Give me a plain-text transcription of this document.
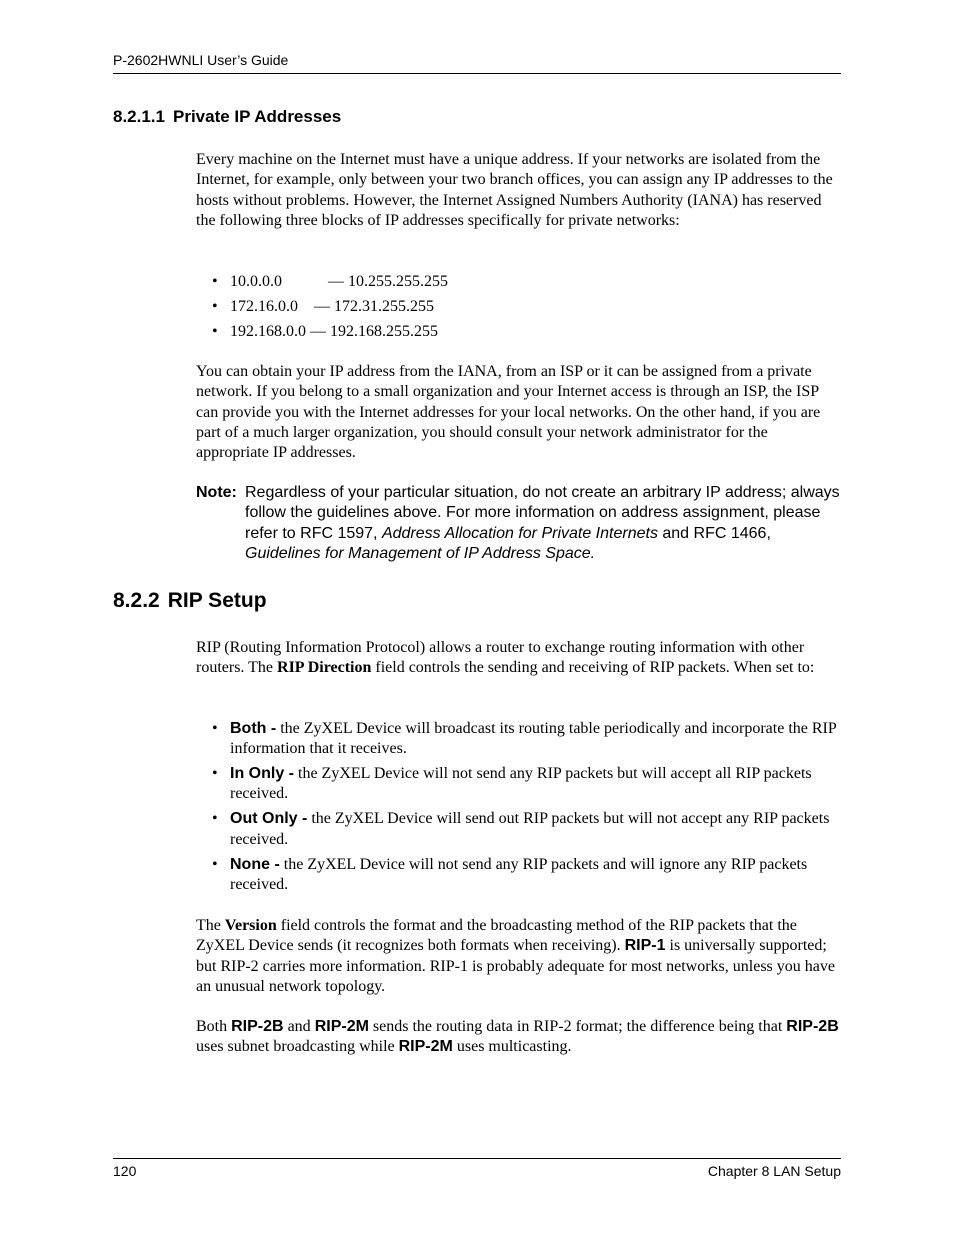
P-2602HWNLI User’s Guide
8.2.1.1 Private IP Addresses
Every machine on the Internet must have a unique address. If your networks are isolated from the Internet, for example, only between your two branch offices, you can assign any IP addresses to the hosts without problems. However, the Internet Assigned Numbers Authority (IANA) has reserved the following three blocks of IP addresses specifically for private networks:
• 10.0.0.0	— 10.255.255.255
• 172.16.0.0 — 172.31.255.255
• 192.168.0.0 — 192.168.255.255
You can obtain your IP address from the IANA, from an ISP or it can be assigned from a private network. If you belong to a small organization and your Internet access is through an ISP, the ISP can provide you with the Internet addresses for your local networks. On the other hand, if you are part of a much larger organization, you should consult your network administrator for the appropriate IP addresses.
Note: Regardless of your particular situation, do not create an arbitrary IP address; always follow the guidelines above. For more information on address assignment, please refer to RFC 1597, Address Allocation for Private Internets and RFC 1466, Guidelines for Management of IP Address Space.
8.2.2 RIP Setup
RIP (Routing Information Protocol) allows a router to exchange routing information with other routers. The RIP Direction field controls the sending and receiving of RIP packets. When set to:
• Both - the ZyXEL Device will broadcast its routing table periodically and incorporate the RIP information that it receives.
• In Only - the ZyXEL Device will not send any RIP packets but will accept all RIP packets received.
• Out Only - the ZyXEL Device will send out RIP packets but will not accept any RIP packets received.
• None - the ZyXEL Device will not send any RIP packets and will ignore any RIP packets received.
The Version field controls the format and the broadcasting method of the RIP packets that the ZyXEL Device sends (it recognizes both formats when receiving). RIP-1 is universally supported; but RIP-2 carries more information. RIP-1 is probably adequate for most networks, unless you have an unusual network topology.
Both RIP-2B and RIP-2M sends the routing data in RIP-2 format; the difference being that RIP-2B uses subnet broadcasting while RIP-2M uses multicasting.
120	Chapter 8 LAN Setup
